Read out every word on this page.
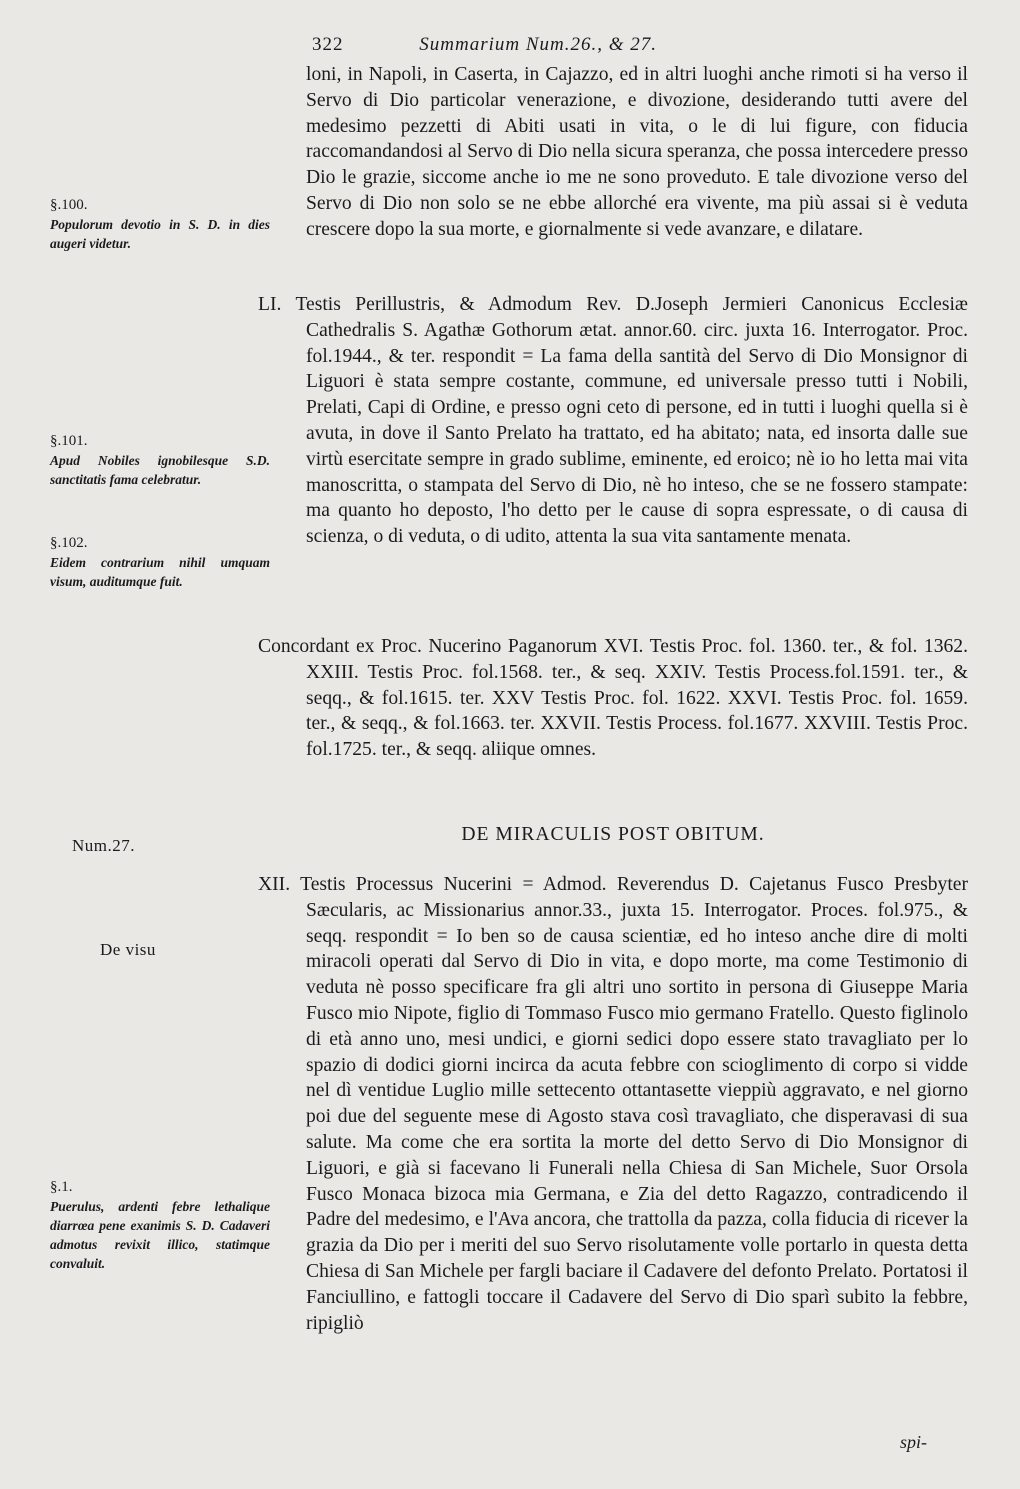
322	Summarium Num.26., & 27.
§.100.
Populorum devotio in S. D. in dies augeri videtur.
§.101.
Apud Nobiles ignobilesque S.D. sanctitatis fama celebratur.
§.102.
Eidem contrarium nihil umquam visum, auditumque fuit.
Num.27.
De visu
§.1.
Puerulus, ardenti febre lethalique diarrœa pene exanimis S. D. Cadaveri admotus revixit illico, statimque convaluit.

loni, in Napoli, in Caserta, in Cajazzo, ed in altri luoghi anche rimoti si ha verso il Servo di Dio particolar venerazione, e divozione, desiderando tutti avere del medesimo pezzetti di Abiti usati in vita, o le di lui figure, con fiducia raccomandandosi al Servo di Dio nella sicura speranza, che possa intercedere presso Dio le grazie, siccome anche io me ne sono proveduto. E tale divozione verso del Servo di Dio non solo se ne ebbe allorché era vivente, ma più assai si è veduta crescere dopo la sua morte, e giornalmente si vede avanzare, e dilatare.

LI. Testis Perillustris, & Admodum Rev. D.Joseph Jermieri Canonicus Ecclesiæ Cathedralis S. Agathæ Gothorum ætat. annor.60. circ. juxta 16. Interrogator. Proc. fol.1944., & ter. respondit = La fama della santità del Servo di Dio Monsignor di Liguori è stata sempre costante, commune, ed universale presso tutti i Nobili, Prelati, Capi di Ordine, e presso ogni ceto di persone, ed in tutti i luoghi quella si è avuta, in dove il Santo Prelato ha trattato, ed ha abitato; nata, ed insorta dalle sue virtù esercitate sempre in grado sublime, eminente, ed eroico; nè io ho letta mai vita manoscritta, o stampata del Servo di Dio, nè ho inteso, che se ne fossero stampate: ma quanto ho deposto, l'ho detto per le cause di sopra espressate, o di causa di scienza, o di veduta, o di udito, attenta la sua vita santamente menata.

Concordant ex Proc. Nucerino Paganorum XVI. Testis Proc. fol. 1360. ter., & fol. 1362. XXIII. Testis Proc. fol.1568. ter., & seq. XXIV. Testis Process.fol.1591. ter., & seqq., & fol.1615. ter. XXV Testis Proc. fol. 1622. XXVI. Testis Proc. fol. 1659. ter., & seqq., & fol.1663. ter. XXVII. Testis Process. fol.1677. XXVIII. Testis Proc. fol.1725. ter., & seqq. aliique omnes.

DE MIRACULIS POST OBITUM.

XII. Testis Processus Nucerini = Admod. Reverendus D. Cajetanus Fusco Presbyter Sæcularis, ac Missionarius annor.33., juxta 15. Interrogator. Proces. fol.975., & seqq. respondit = Io ben so de causa scientiæ, ed ho inteso anche dire di molti miracoli operati dal Servo di Dio in vita, e dopo morte, ma come Testimonio di veduta nè posso specificare fra gli altri uno sortito in persona di Giuseppe Maria Fusco mio Nipote, figlio di Tommaso Fusco mio germano Fratello. Questo figlinolo di età anno uno, mesi undici, e giorni sedici dopo essere stato travagliato per lo spazio di dodici giorni incirca da acuta febbre con scioglimento di corpo si vidde nel dì ventidue Luglio mille settecento ottantasette vieppiù aggravato, e nel giorno poi due del seguente mese di Agosto stava così travagliato, che disperavasi di sua salute. Ma come che era sortita la morte del detto Servo di Dio Monsignor di Liguori, e già si facevano li Funerali nella Chiesa di San Michele, Suor Orsola Fusco Monaca bizoca mia Germana, e Zia del detto Ragazzo, contradicendo il Padre del medesimo, e l'Ava ancora, che trattolla da pazza, colla fiducia di ricever la grazia da Dio per i meriti del suo Servo risolutamente volle portarlo in questa detta Chiesa di San Michele per fargli baciare il Cadavere del defonto Prelato. Portatosi il Fanciullino, e fattogli toccare il Cadavere del Servo di Dio sparì subito la febbre, ripigliò

spi-
